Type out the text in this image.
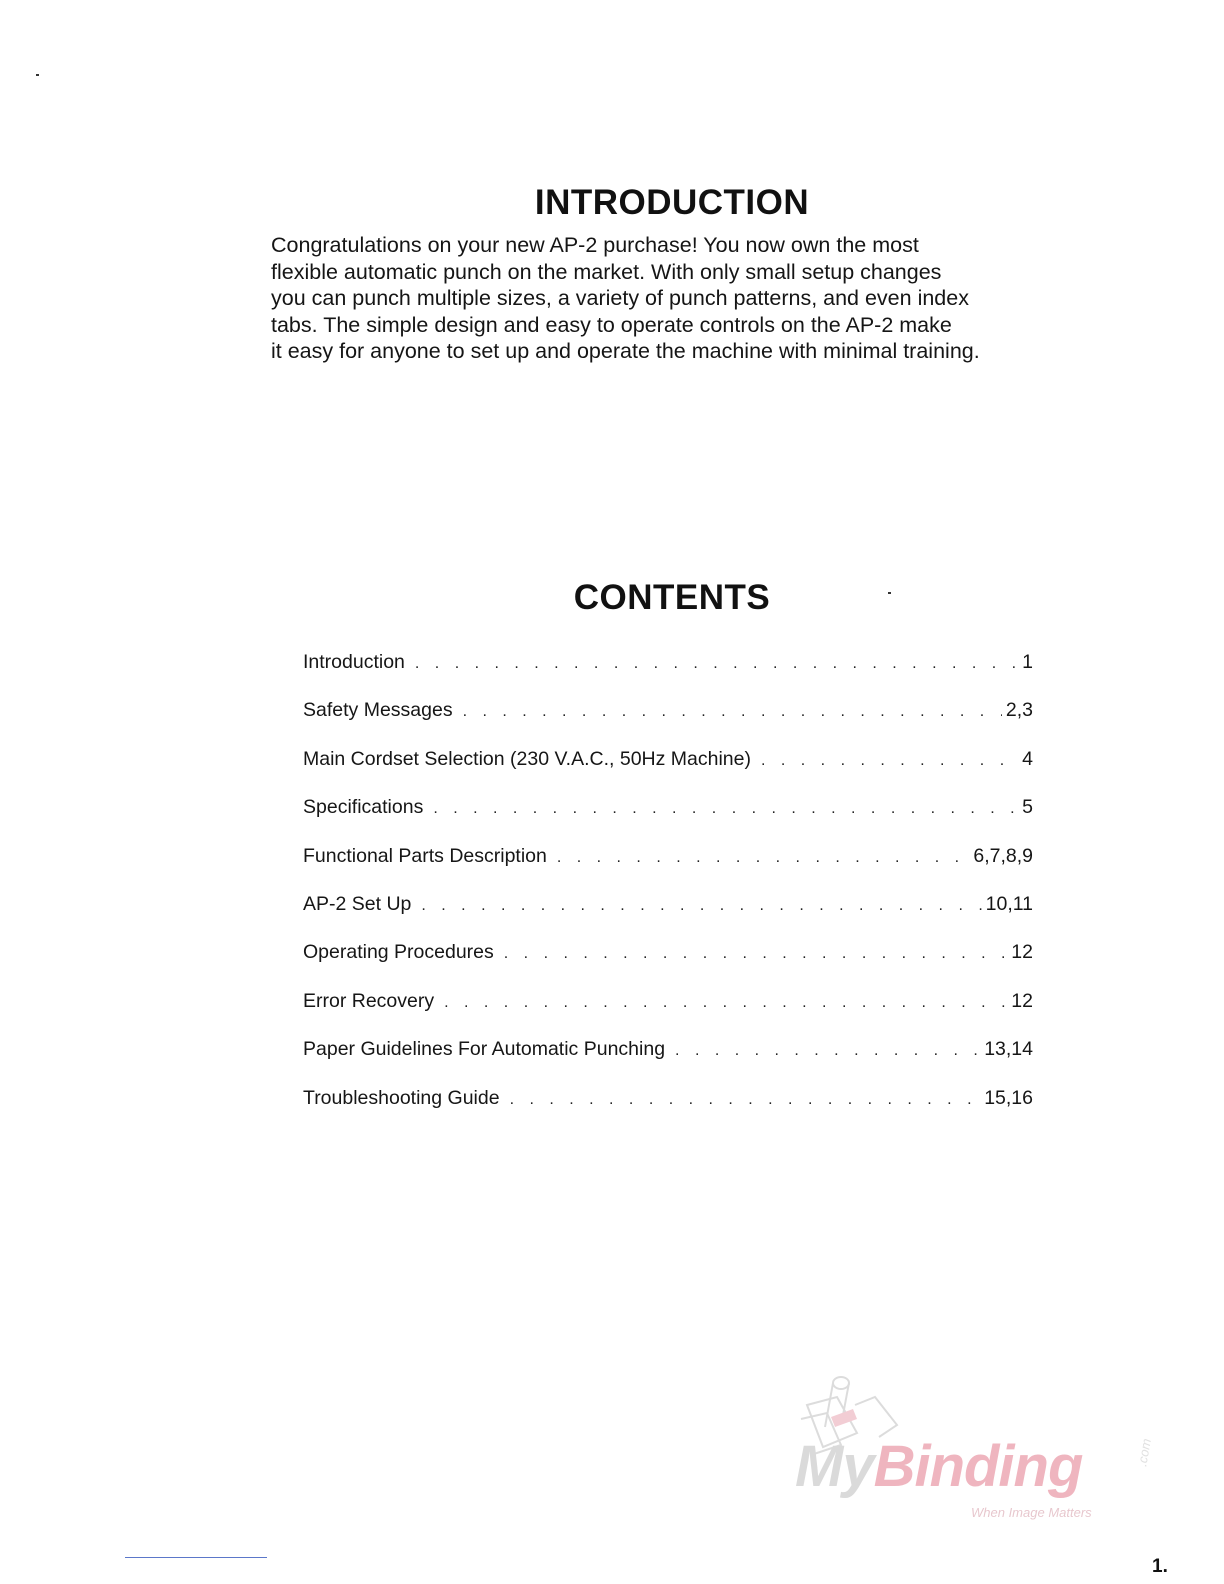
INTRODUCTION
Congratulations on your new AP-2 purchase! You now own the most
flexible automatic punch on the market. With only small setup changes
you can punch multiple sizes, a variety of punch patterns, and even index
tabs. The simple design and easy to operate controls on the AP-2 make
it easy for anyone to set up and operate the machine with minimal training.
CONTENTS
Introduction . . .	1
Safety Messages . . .	2,3
Main Cordset Selection (230 V.A.C., 50Hz Machine) . . .	4
Specifications . . .	5
Functional Parts Description . . .	6,7,8,9
AP-2 Set Up . . .	10,11
Operating Procedures . . .	12
Error Recovery . . .	12
Paper Guidelines For Automatic Punching . . .	13,14
Troubleshooting Guide . . .	15,16
MyBinding	.com
When Image Matters
1.
